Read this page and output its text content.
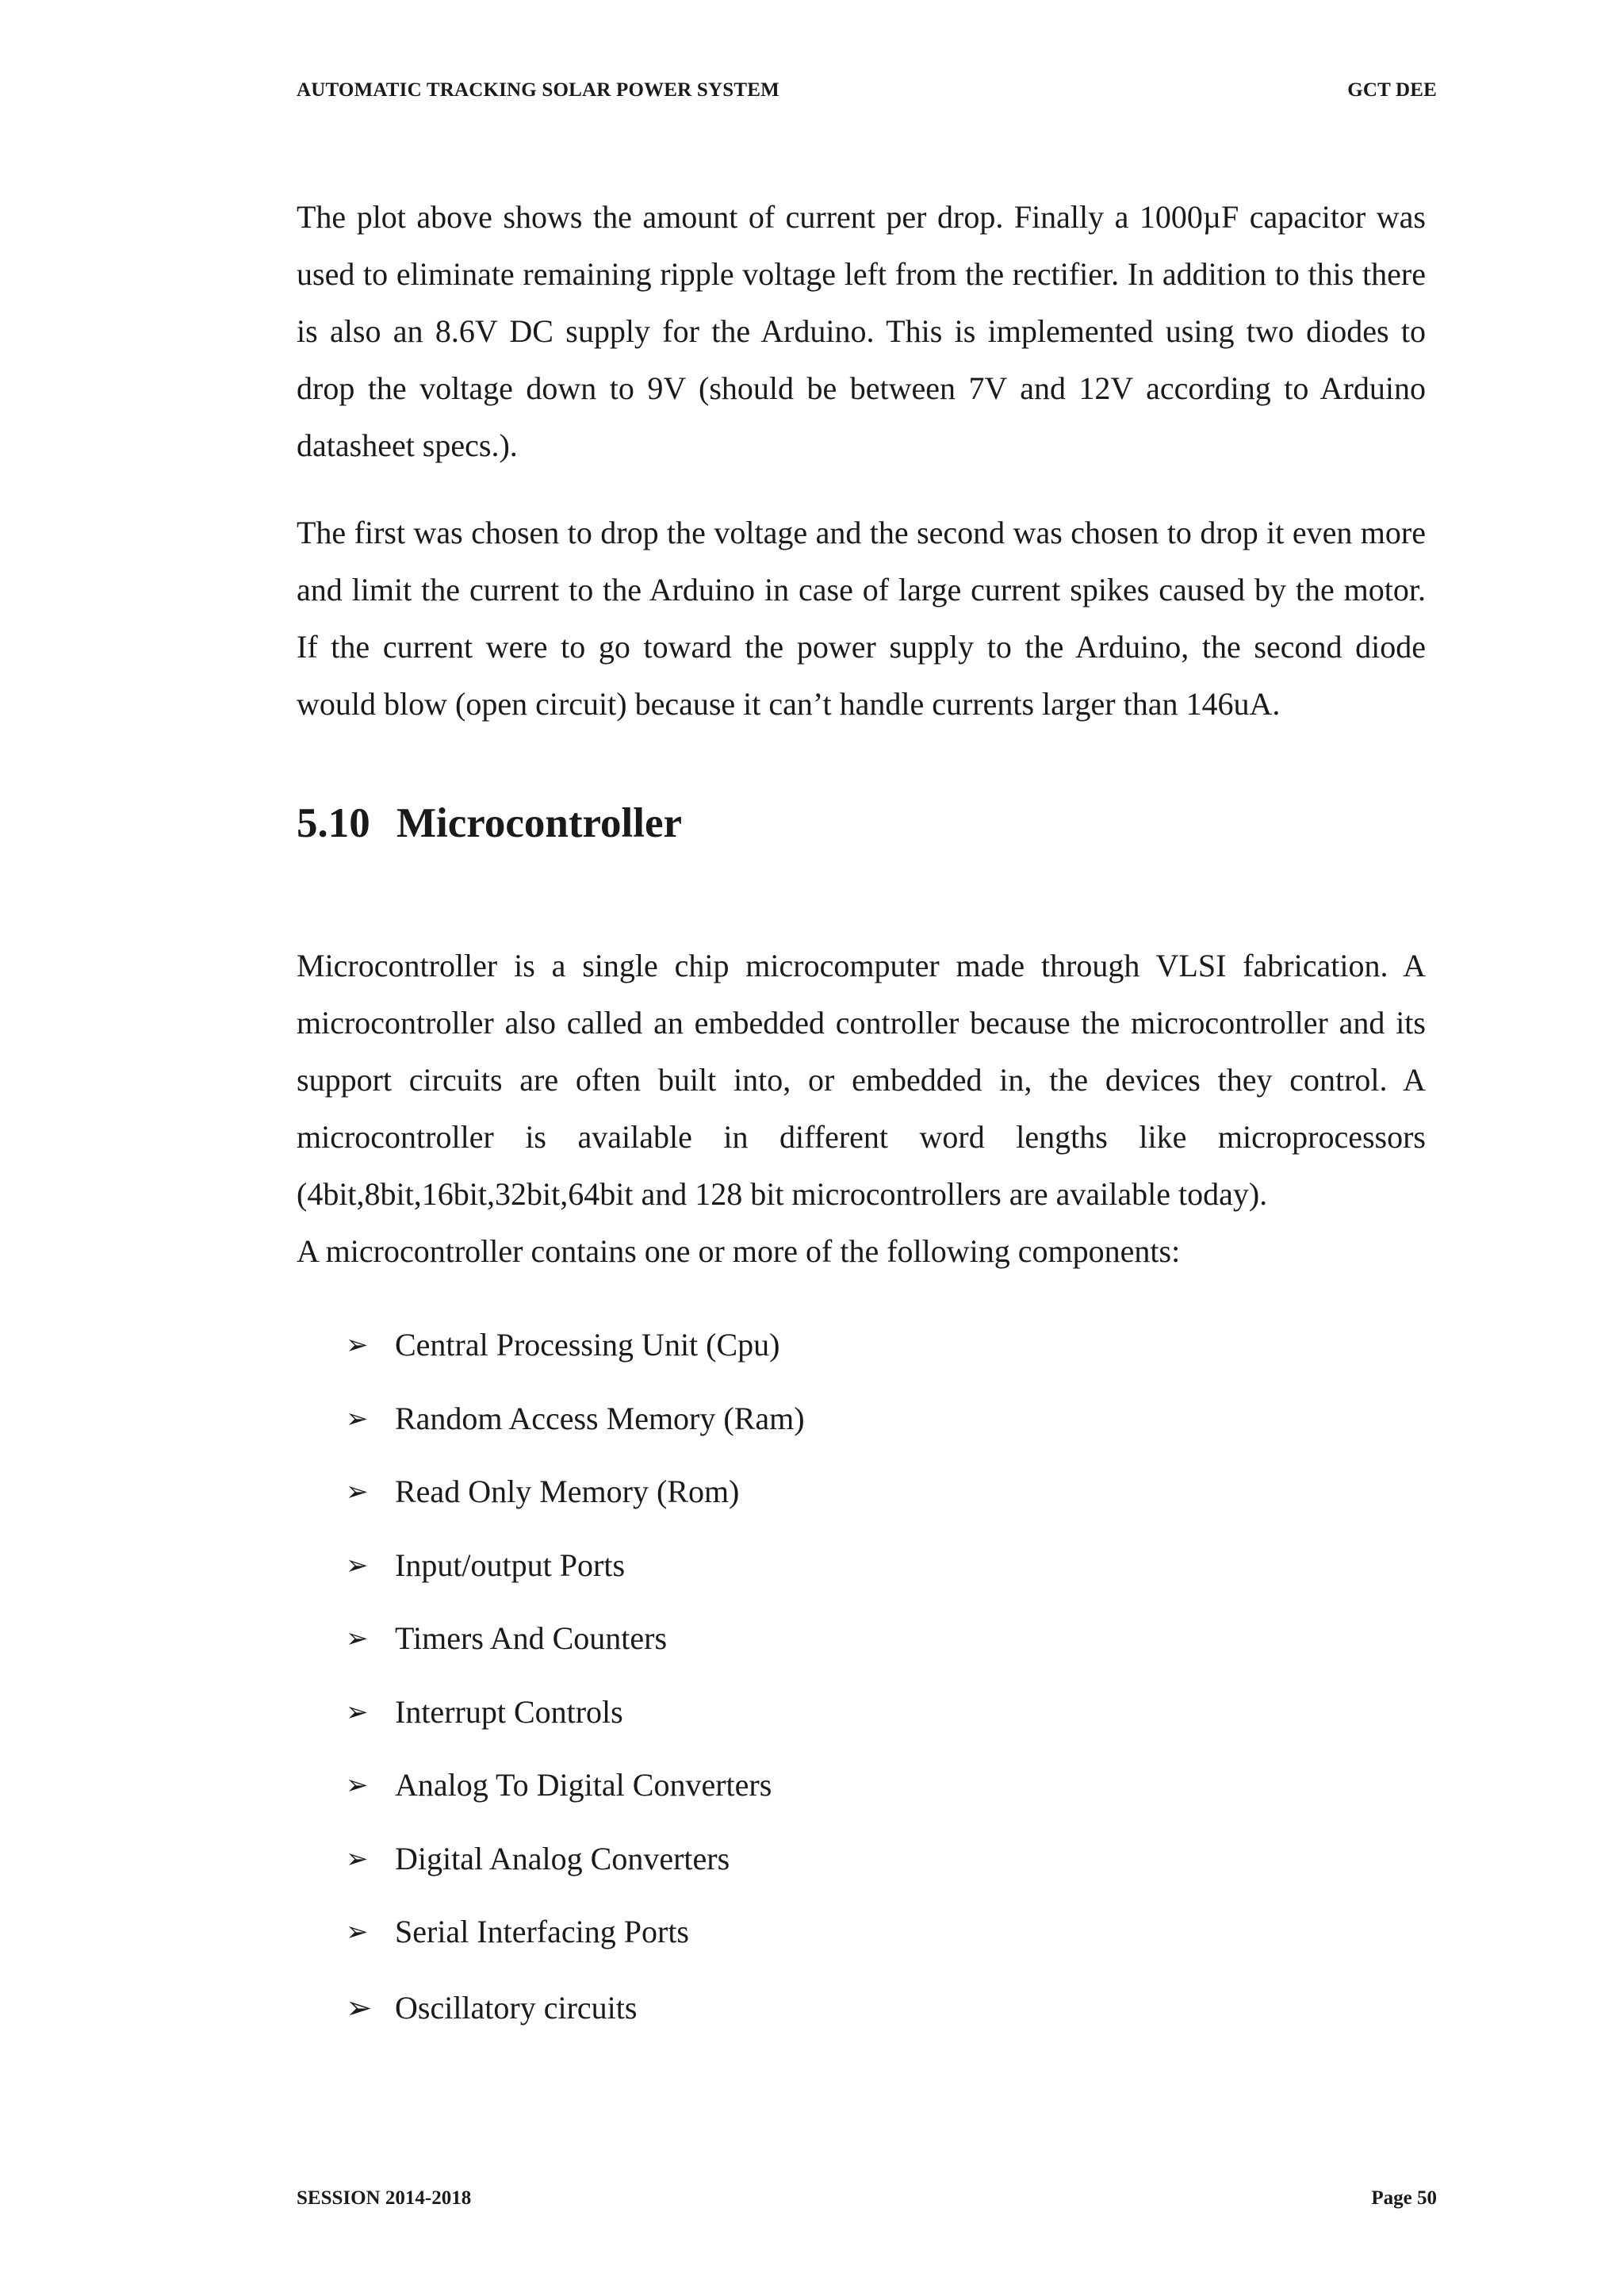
AUTOMATIC TRACKING SOLAR POWER SYSTEM	GCT DEE

The plot above shows the amount of current per drop. Finally a 1000µF capacitor was used to eliminate remaining ripple voltage left from the rectifier. In addition to this there is also an 8.6V DC supply for the Arduino. This is implemented using two diodes to drop the voltage down to 9V (should be between 7V and 12V according to Arduino datasheet specs.).

The first was chosen to drop the voltage and the second was chosen to drop it even more and limit the current to the Arduino in case of large current spikes caused by the motor. If the current were to go toward the power supply to the Arduino, the second diode would blow (open circuit) because it can’t handle currents larger than 146uA.

5.10 Microcontroller

Microcontroller is a single chip microcomputer made through VLSI fabrication. A microcontroller also called an embedded controller because the microcontroller and its support circuits are often built into, or embedded in, the devices they control. A microcontroller is available in different word lengths like microprocessors (4bit,8bit,16bit,32bit,64bit and 128 bit microcontrollers are available today).

A microcontroller contains one or more of the following components:

➢ Central Processing Unit (Cpu)
➢ Random Access Memory (Ram)
➢ Read Only Memory (Rom)
➢ Input/output Ports
➢ Timers And Counters
➢ Interrupt Controls
➢ Analog To Digital Converters
➢ Digital Analog Converters
➢ Serial Interfacing Ports
➢ Oscillatory circuits
SESSION 2014-2018	Page 50
